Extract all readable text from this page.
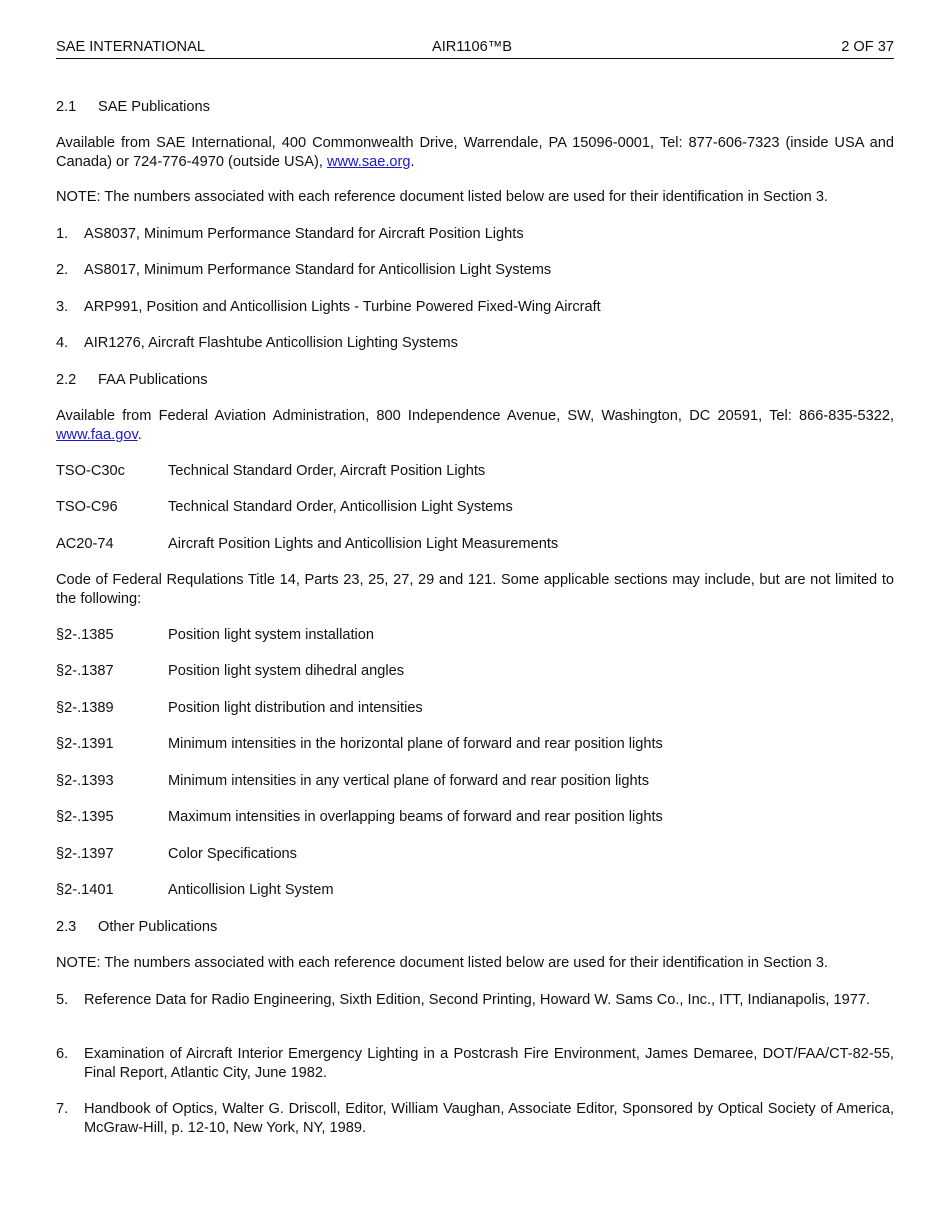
SAE INTERNATIONAL	AIR1106™B	2 OF 37
2.1 SAE Publications
Available from SAE International, 400 Commonwealth Drive, Warrendale, PA 15096-0001, Tel: 877-606-7323 (inside USA and Canada) or 724-776-4970 (outside USA), www.sae.org.
NOTE: The numbers associated with each reference document listed below are used for their identification in Section 3.
1. AS8037, Minimum Performance Standard for Aircraft Position Lights
2. AS8017, Minimum Performance Standard for Anticollision Light Systems
3. ARP991, Position and Anticollision Lights - Turbine Powered Fixed-Wing Aircraft
4. AIR1276, Aircraft Flashtube Anticollision Lighting Systems
2.2 FAA Publications
Available from Federal Aviation Administration, 800 Independence Avenue, SW, Washington, DC 20591, Tel: 866-835-5322, www.faa.gov.
TSO-C30c	Technical Standard Order, Aircraft Position Lights
TSO-C96	Technical Standard Order, Anticollision Light Systems
AC20-74	Aircraft Position Lights and Anticollision Light Measurements
Code of Federal Requlations Title 14, Parts 23, 25, 27, 29 and 121. Some applicable sections may include, but are not limited to the following:
§2-.1385	Position light system installation
§2-.1387	Position light system dihedral angles
§2-.1389	Position light distribution and intensities
§2-.1391	Minimum intensities in the horizontal plane of forward and rear position lights
§2-.1393	Minimum intensities in any vertical plane of forward and rear position lights
§2-.1395	Maximum intensities in overlapping beams of forward and rear position lights
§2-.1397	Color Specifications
§2-.1401	Anticollision Light System
2.3 Other Publications
NOTE: The numbers associated with each reference document listed below are used for their identification in Section 3.
5. Reference Data for Radio Engineering, Sixth Edition, Second Printing, Howard W. Sams Co., Inc., ITT, Indianapolis, 1977.
6. Examination of Aircraft Interior Emergency Lighting in a Postcrash Fire Environment, James Demaree, DOT/FAA/CT-82-55, Final Report, Atlantic City, June 1982.
7. Handbook of Optics, Walter G. Driscoll, Editor, William Vaughan, Associate Editor, Sponsored by Optical Society of America, McGraw-Hill, p. 12-10, New York, NY, 1989.
